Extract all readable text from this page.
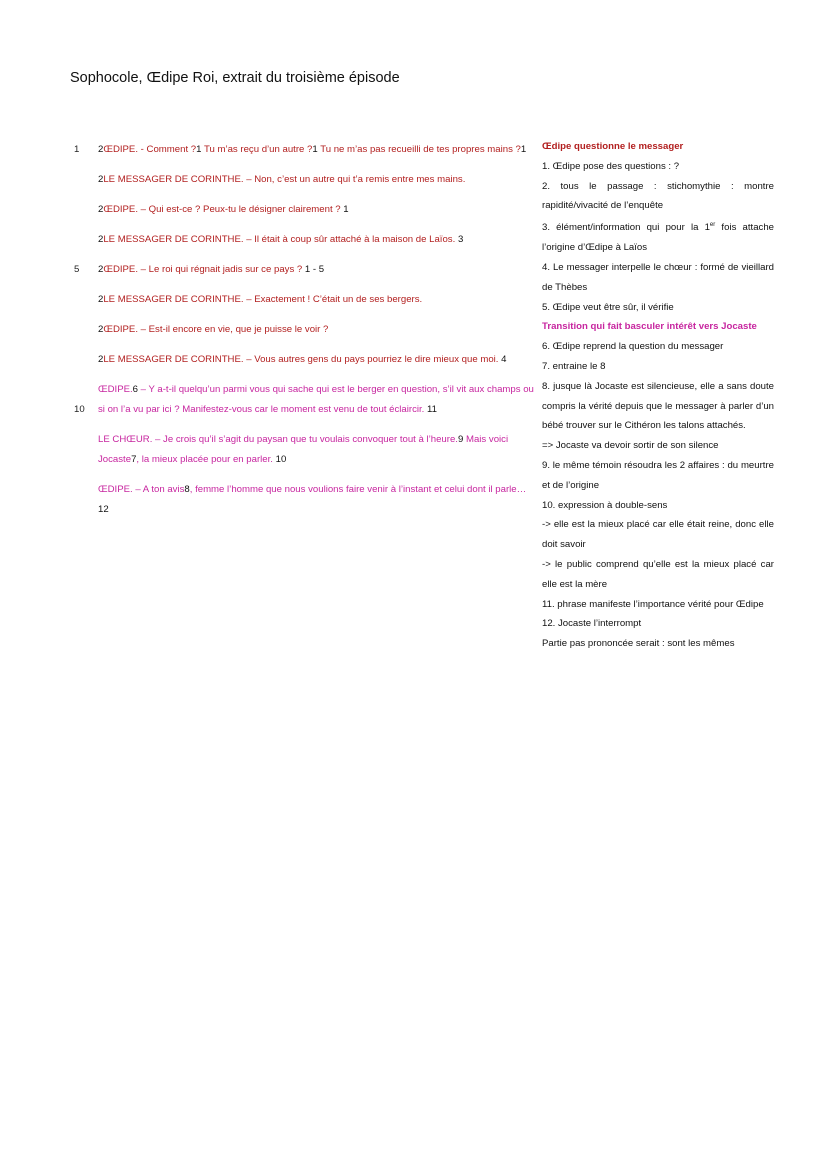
Sophocole, Œdipe Roi, extrait du troisième épisode
1	2ŒDIPE. - Comment ?1 Tu m’as reçu d’un autre ?1 Tu ne m’as pas recueilli de tes propres mains ?1
2LE MESSAGER DE CORINTHE. – Non, c’est un autre qui t’a remis entre mes mains.
2ŒDIPE. – Qui est-ce ? Peux-tu le désigner clairement ? 1
2LE MESSAGER DE CORINTHE. – Il était à coup sûr attaché à la maison de Laïos. 3
5	2ŒDIPE. – Le roi qui régnait jadis sur ce pays ? 1 - 5
2LE MESSAGER DE CORINTHE. – Exactement ! C’était un de ses bergers.
2ŒDIPE. – Est-il encore en vie, que je puisse le voir ?
2LE MESSAGER DE CORINTHE. – Vous autres gens du pays pourriez le dire mieux que moi. 4
10
ŒDIPE.6 – Y a-t-il quelqu’un parmi vous qui sache qui est le berger en question, s’il vit aux champs ou si on l’a vu par ici ? Manifestez-vous car le moment est venu de tout éclaircir. 11
LE CHŒUR. – Je crois qu’il s’agit du paysan que tu voulais convoquer tout à l’heure.9 Mais voici Jocaste7, la mieux placée pour en parler. 10
ŒDIPE. – A ton avis8, femme l’homme que nous voulions faire venir à l’instant et celui dont il parle…12
Œdipe questionne le messager
1. Œdipe pose des questions : ?
2. tous le passage : stichomythie : montre rapidité/vivacité de l’enquête
3. élément/information qui pour la 1er fois attache l’origine d’Œdipe à Laïos
4. Le messager interpelle le chœur : formé de vieillard de Thèbes
5. Œdipe veut être sûr, il vérifie
Transition qui fait basculer intérêt vers Jocaste
6. Œdipe reprend la question du messager
7. entraine le 8
8. jusque là Jocaste est silencieuse, elle a sans doute compris la vérité depuis que le messager à parler d’un bébé trouver sur le Cithéron les talons attachés.
=> Jocaste va devoir sortir de son silence
9. le même témoin résoudra les 2 affaires : du meurtre et de l’origine
10. expression à double-sens
-> elle est la mieux placé car elle était reine, donc elle doit savoir
-> le public comprend qu’elle est la mieux placé car elle est la mère
11. phrase manifeste l’importance vérité pour Œdipe
12. Jocaste l’interrompt
Partie pas prononcée serait : sont les mêmes
